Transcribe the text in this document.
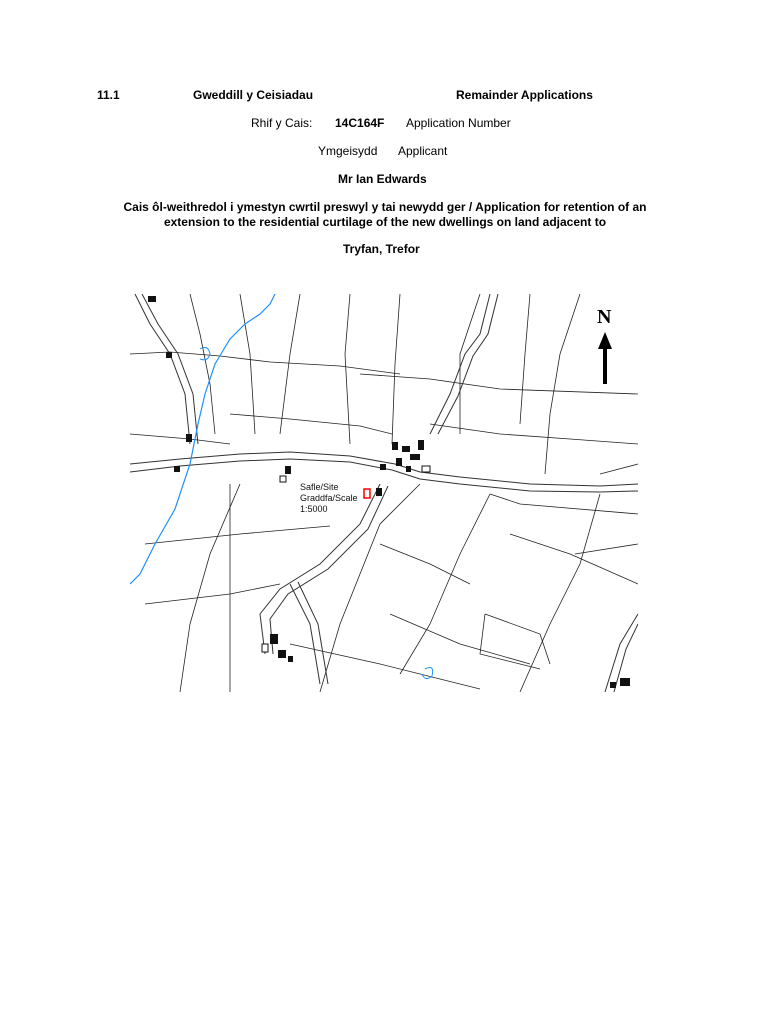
11.1	Gweddill y Ceisiadau	Remainder Applications
Rhif y Cais: 14C164F Application Number
Ymgeisydd Applicant
Mr Ian Edwards
Cais ôl-weithredol i ymestyn cwrtil preswyl y tai newydd ger / Application for retention of an
extension to the residential curtilage of the new dwellings on land adjacent to
Tryfan, Trefor
N
Safle/Site
Graddfa/Scale
1:5000
